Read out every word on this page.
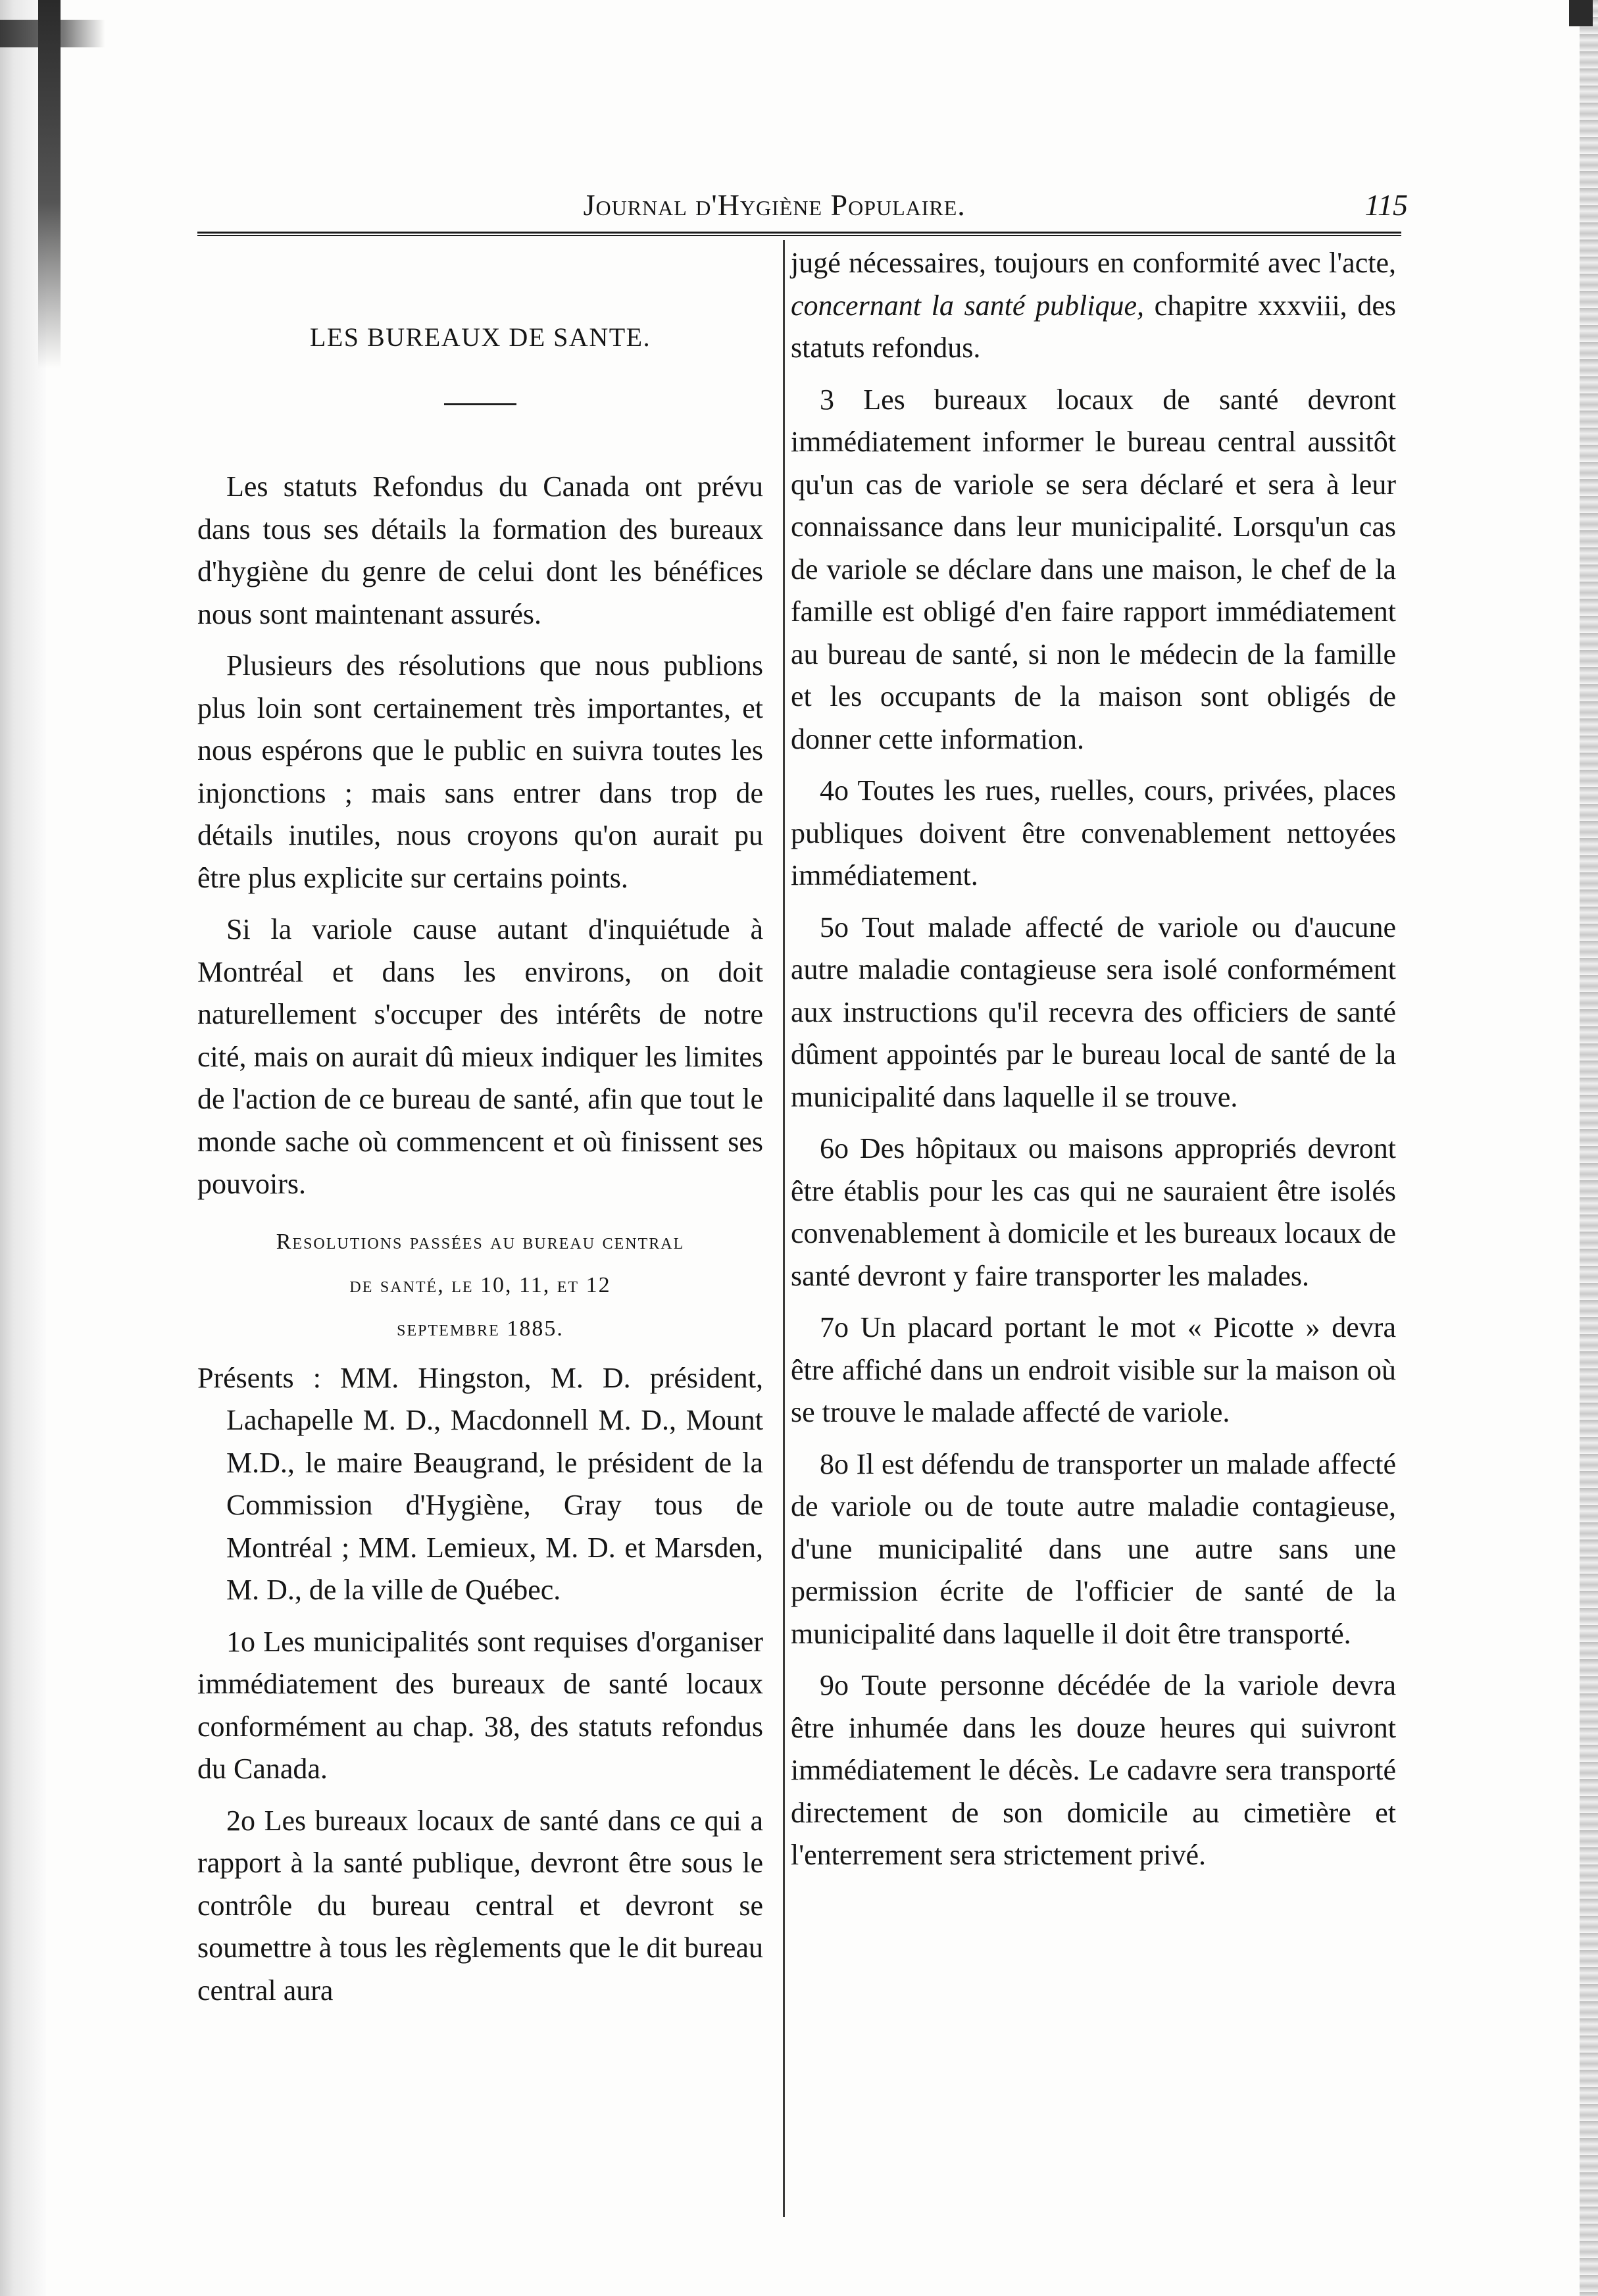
Journal d'Hygiène Populaire.	115
LES BUREAUX DE SANTE.

Les statuts Refondus du Canada ont prévu dans tous ses détails la formation des bureaux d'hygiène du genre de celui dont les bénéfices nous sont maintenant assurés.

Plusieurs des résolutions que nous publions plus loin sont certainement très importantes, et nous espérons que le public en suivra toutes les injonctions ; mais sans entrer dans trop de détails inutiles, nous croyons qu'on aurait pu être plus explicite sur certains points.

Si la variole cause autant d'inquiétude à Montréal et dans les environs, on doit naturellement s'occuper des intérêts de notre cité, mais on aurait dû mieux indiquer les limites de l'action de ce bureau de santé, afin que tout le monde sache où commencent et où finissent ses pouvoirs.

Resolutions passées au bureau central
de santé, le 10, 11, et 12
septembre 1885.

Présents : MM. Hingston, M. D. président, Lachapelle M. D., Macdonnell M. D., Mount M.D., le maire Beaugrand, le président de la Commission d'Hygiène, Gray tous de Montréal ; MM. Lemieux, M. D. et Marsden, M. D., de la ville de Québec.

1o Les municipalités sont requises d'organiser immédiatement des bureaux de santé locaux conformément au chap. 38, des statuts refondus du Canada.

2o Les bureaux locaux de santé dans ce qui a rapport à la santé publique, devront être sous le contrôle du bureau central et devront se soumettre à tous les règlements que le dit bureau central aura

jugé nécessaires, toujours en conformité avec l'acte, concernant la santé publique, chapitre xxxviii, des statuts refondus.

3 Les bureaux locaux de santé devront immédiatement informer le bureau central aussitôt qu'un cas de variole se sera déclaré et sera à leur connaissance dans leur municipalité. Lorsqu'un cas de variole se déclare dans une maison, le chef de la famille est obligé d'en faire rapport immédiatement au bureau de santé, si non le médecin de la famille et les occupants de la maison sont obligés de donner cette information.

4o Toutes les rues, ruelles, cours, privées, places publiques doivent être convenablement nettoyées immédiatement.

5o Tout malade affecté de variole ou d'aucune autre maladie contagieuse sera isolé conformément aux instructions qu'il recevra des officiers de santé dûment appointés par le bureau local de santé de la municipalité dans laquelle il se trouve.

6o Des hôpitaux ou maisons appropriés devront être établis pour les cas qui ne sauraient être isolés convenablement à domicile et les bureaux locaux de santé devront y faire transporter les malades.

7o Un placard portant le mot « Picotte » devra être affiché dans un endroit visible sur la maison où se trouve le malade affecté de variole.

8o Il est défendu de transporter un malade affecté de variole ou de toute autre maladie contagieuse, d'une municipalité dans une autre sans une permission écrite de l'officier de santé de la municipalité dans laquelle il doit être transporté.

9o Toute personne décédée de la variole devra être inhumée dans les douze heures qui suivront immédiatement le décès. Le cadavre sera transporté directement de son domicile au cimetière et l'enterrement sera strictement privé.
